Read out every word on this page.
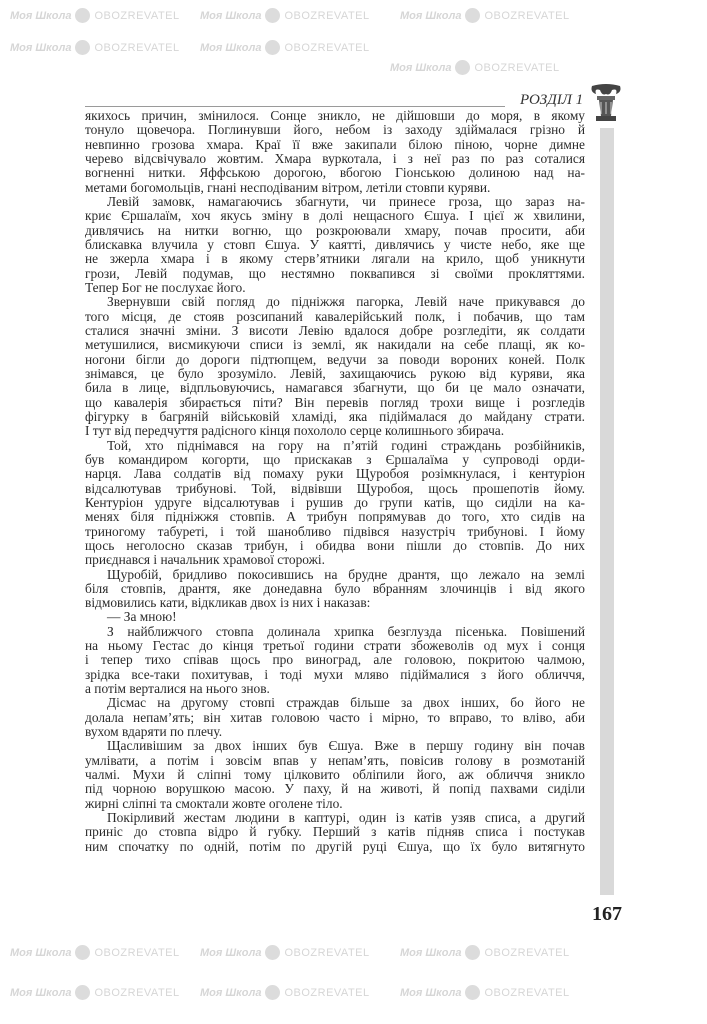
Моя Школа OBOZREVATEL Моя Школа OBOZREVATEL	Моя Школа OBOZREVATEL
Моя Школа OBOZREVATEL Моя Школа OBOZREVATEL
Моя Школа OBOZREVATEL
Моя Школа OBOZREVATEL Моя Школа OBOZREVATEL	Моя Школа OBOZREVATEL
Моя Школа OBOZREVATEL Моя Школа OBOZREVATEL	Моя Школа OBOZREVATEL
РОЗДІЛ 1
якихось причин, змінилося. Сонце зникло, не дійшовши до моря, в якому
тонуло щовечора. Поглинувши його, небом із заходу здіймалася грізно й
невпинно грозова хмара. Краї її вже закипали білою піною, чорне димне
черево відсвічувало жовтим. Хмара вуркотала, і з неї раз по раз соталися
вогненні нитки. Яффською дорогою, вбогою Гіонською долиною над на-
метами богомольців, гнані несподіваним вітром, летіли стовпи куряви.
Левій замовк, намагаючись збагнути, чи принесе гроза, що зараз на-
криє Єршалаїм, хоч якусь зміну в долі нещасного Єшуа. І цієї ж хвилини,
дивлячись на нитки вогню, що розкроювали хмару, почав просити, аби
блискавка влучила у стовп Єшуа. У каятті, дивлячись у чисте небо, яке ще
не зжерла хмара і в якому стерв’ятники лягали на крило, щоб уникнути
грози, Левій подумав, що нестямно поквапився зі своїми прокляттями.
Тепер Бог не послухає його.
Звернувши свій погляд до підніжжя пагорка, Левій наче прикувався до
того місця, де стояв розсипаний кавалерійський полк, і побачив, що там
сталися значні зміни. З висоти Левію вдалося добре розгледіти, як солдати
метушилися, висмикуючи списи із землі, як накидали на себе плащі, як ко-
ногони бігли до дороги підтюпцем, ведучи за поводи вороних коней. Полк
знімався, це було зрозуміло. Левій, захищаючись рукою від куряви, яка
била в лице, відпльовуючись, намагався збагнути, що би це мало означати,
що кавалерія збирається піти? Він перевів погляд трохи вище і розгледів
фігурку в багряній військовій хламіді, яка підіймалася до майдану страти.
І тут від передчуття радісного кінця похололо серце колишнього збирача.
Той, хто піднімався на гору на п’ятій годині страждань розбійників,
був командиром когорти, що прискакав з Єршалаїма у супроводі орди-
нарця. Лава солдатів від помаху руки Щуробоя розімкнулася, і кентуріон
відсалютував трибунові. Той, відвівши Щуробоя, щось прошепотів йому.
Кентуріон удруге відсалютував і рушив до групи катів, що сиділи на ка-
менях біля підніжжя стовпів. А трибун попрямував до того, хто сидів на
триногому табуреті, і той шанобливо підвівся назустріч трибунові. І йому
щось неголосно сказав трибун, і обидва вони пішли до стовпів. До них
приєднався і начальник храмової сторожі.
Щуробій, бридливо покосившись на брудне дрантя, що лежало на землі
біля стовпів, дрантя, яке донедавна було вбранням злочинців і від якого
відмовились кати, відкликав двох із них і наказав:
— За мною!
З найближчого стовпа долинала хрипка безглузда пісенька. Повішений
на ньому Гестас до кінця третьої години страти збожеволів од мух і сонця
і тепер тихо співав щось про виноград, але головою, покритою чалмою,
зрідка все-таки похитував, і тоді мухи мляво підіймалися з його обличчя,
а потім верталися на нього знов.
Дісмас на другому стовпі страждав більше за двох інших, бо його не
долала непам’ять; він хитав головою часто і мірно, то вправо, то вліво, аби
вухом вдаряти по плечу.
Щасливішим за двох інших був Єшуа. Вже в першу годину він почав
умлівати, а потім і зовсім впав у непам’ять, повісив голову в розмотаній
чалмі. Мухи й сліпні тому цілковито обліпили його, аж обличчя зникло
під чорною ворушкою масою. У паху, й на животі, й попід пахвами сиділи
жирні сліпні та смоктали жовте оголене тіло.
Покірливий жестам людини в каптурі, один із катів узяв списа, а другий
приніс до стовпа відро й губку. Перший з катів підняв списа і постукав
ним спочатку по одній, потім по другій руці Єшуа, що їх було витягнуто
167
